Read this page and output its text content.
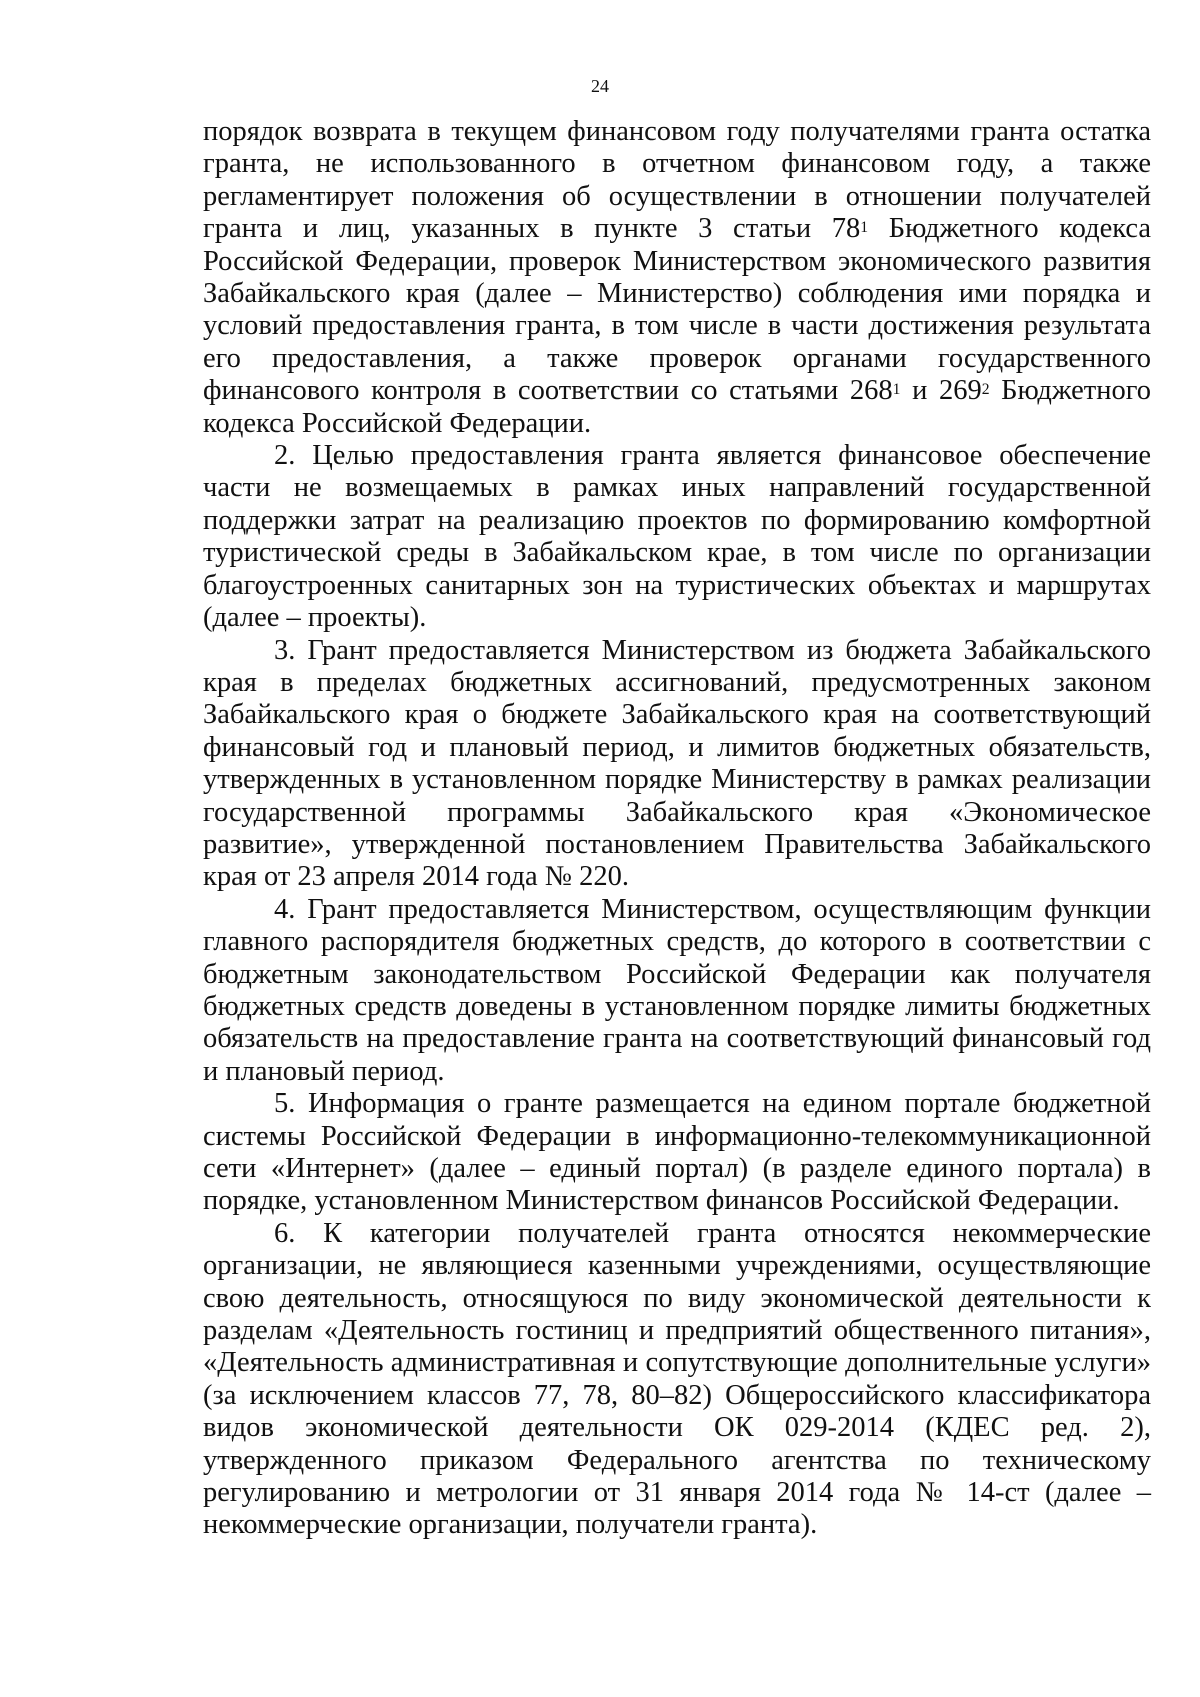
24
порядок возврата в текущем финансовом году получателями гранта остатка
гранта, не использованного в отчетном финансовом году, а также
регламентирует положения об осуществлении в отношении получателей
гранта и лиц, указанных в пункте 3 статьи $78^1$ Бюджетного кодекса
Российской Федерации, проверок Министерством экономического развития
Забайкальского края (далее – Министерство) соблюдения ими порядка и
условий предоставления гранта, в том числе в части достижения результата
его предоставления, а также проверок органами государственного
финансового контроля в соответствии со статьями $268^1$ и $269^2$ Бюджетного
кодекса Российской Федерации.
2. Целью предоставления гранта является финансовое обеспечение
части не возмещаемых в рамках иных направлений государственной
поддержки затрат на реализацию проектов по формированию комфортной
туристической среды в Забайкальском крае, в том числе по организации
благоустроенных санитарных зон на туристических объектах и маршрутах
(далее – проекты).
3. Грант предоставляется Министерством из бюджета Забайкальского
края в пределах бюджетных ассигнований, предусмотренных законом
Забайкальского края о бюджете Забайкальского края на соответствующий
финансовый год и плановый период, и лимитов бюджетных обязательств,
утвержденных в установленном порядке Министерству в рамках реализации
государственной программы Забайкальского края «Экономическое
развитие», утвержденной постановлением Правительства Забайкальского
края от 23 апреля 2014 года № 220.
4. Грант предоставляется Министерством, осуществляющим функции
главного распорядителя бюджетных средств, до которого в соответствии с
бюджетным законодательством Российской Федерации как получателя
бюджетных средств доведены в установленном порядке лимиты бюджетных
обязательств на предоставление гранта на соответствующий финансовый год
и плановый период.
5. Информация о гранте размещается на едином портале бюджетной
системы Российской Федерации в информационно-телекоммуникационной
сети «Интернет» (далее – единый портал) (в разделе единого портала) в
порядке, установленном Министерством финансов Российской Федерации.
6. К категории получателей гранта относятся некоммерческие
организации, не являющиеся казенными учреждениями, осуществляющие
свою деятельность, относящуюся по виду экономической деятельности к
разделам «Деятельность гостиниц и предприятий общественного питания»,
«Деятельность административная и сопутствующие дополнительные услуги»
(за исключением классов 77, 78, 80–82) Общероссийского классификатора
видов экономической деятельности ОК 029-2014 (КДЕС ред. 2),
утвержденного приказом Федерального агентства по техническому
регулированию и метрологии от 31 января 2014 года № 14-ст (далее –
некоммерческие организации, получатели гранта).
